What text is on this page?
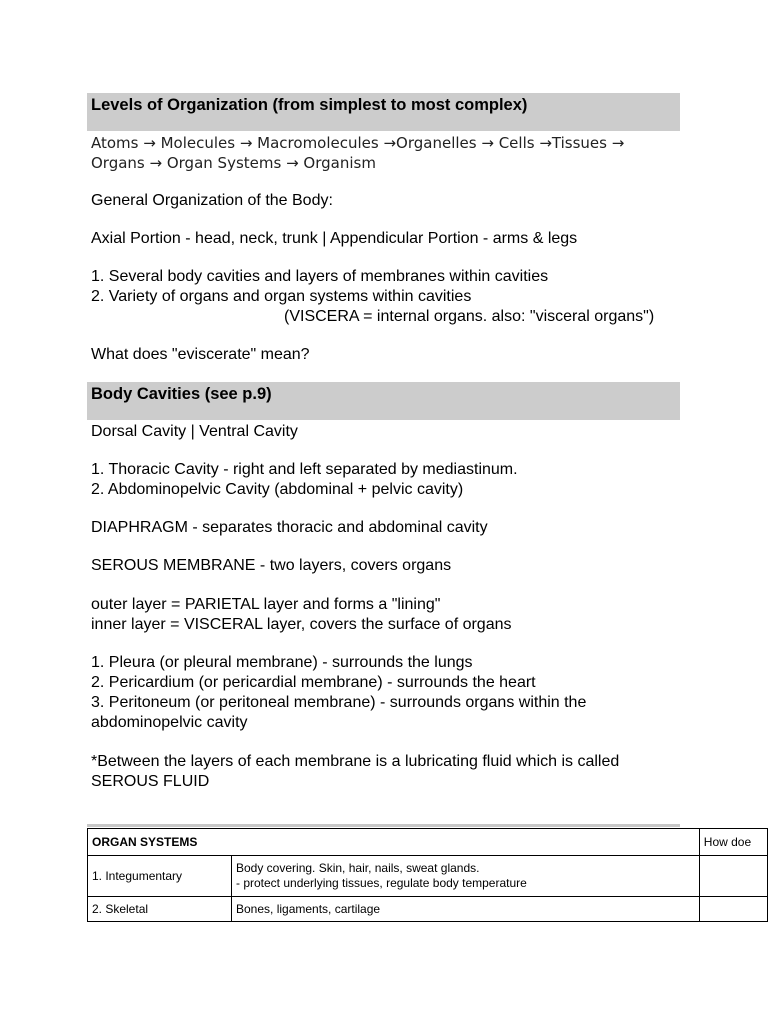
Levels of Organization (from simplest to most complex)
Atoms → Molecules → Macromolecules →Organelles → Cells →Tissues →
Organs → Organ Systems → Organism
General Organization of the Body:
Axial Portion - head, neck, trunk | Appendicular Portion - arms & legs
1. Several body cavities and layers of membranes within cavities
2. Variety of organs and organ systems within cavities
(VISCERA = internal organs. also: "visceral organs")
What does "eviscerate" mean?
Body Cavities (see p.9)
Dorsal Cavity | Ventral Cavity
1. Thoracic Cavity - right and left separated by mediastinum.
2. Abdominopelvic Cavity (abdominal + pelvic cavity)
DIAPHRAGM - separates thoracic and abdominal cavity
SEROUS MEMBRANE - two layers, covers organs
outer layer = PARIETAL layer and forms a "lining"
inner layer = VISCERAL layer, covers the surface of organs
1. Pleura (or pleural membrane) - surrounds the lungs
2. Pericardium (or pericardial membrane) - surrounds the heart
3. Peritoneum (or peritoneal membrane) - surrounds organs within the
abdominopelvic cavity
*Between the layers of each membrane is a lubricating fluid which is called
SEROUS FLUID
ORGAN SYSTEMS		How doe
1. Integumentary	Body covering. Skin, hair, nails, sweat glands.
- protect underlying tissues, regulate body temperature	

2. Skeletal	Bones, ligaments, cartilage	
